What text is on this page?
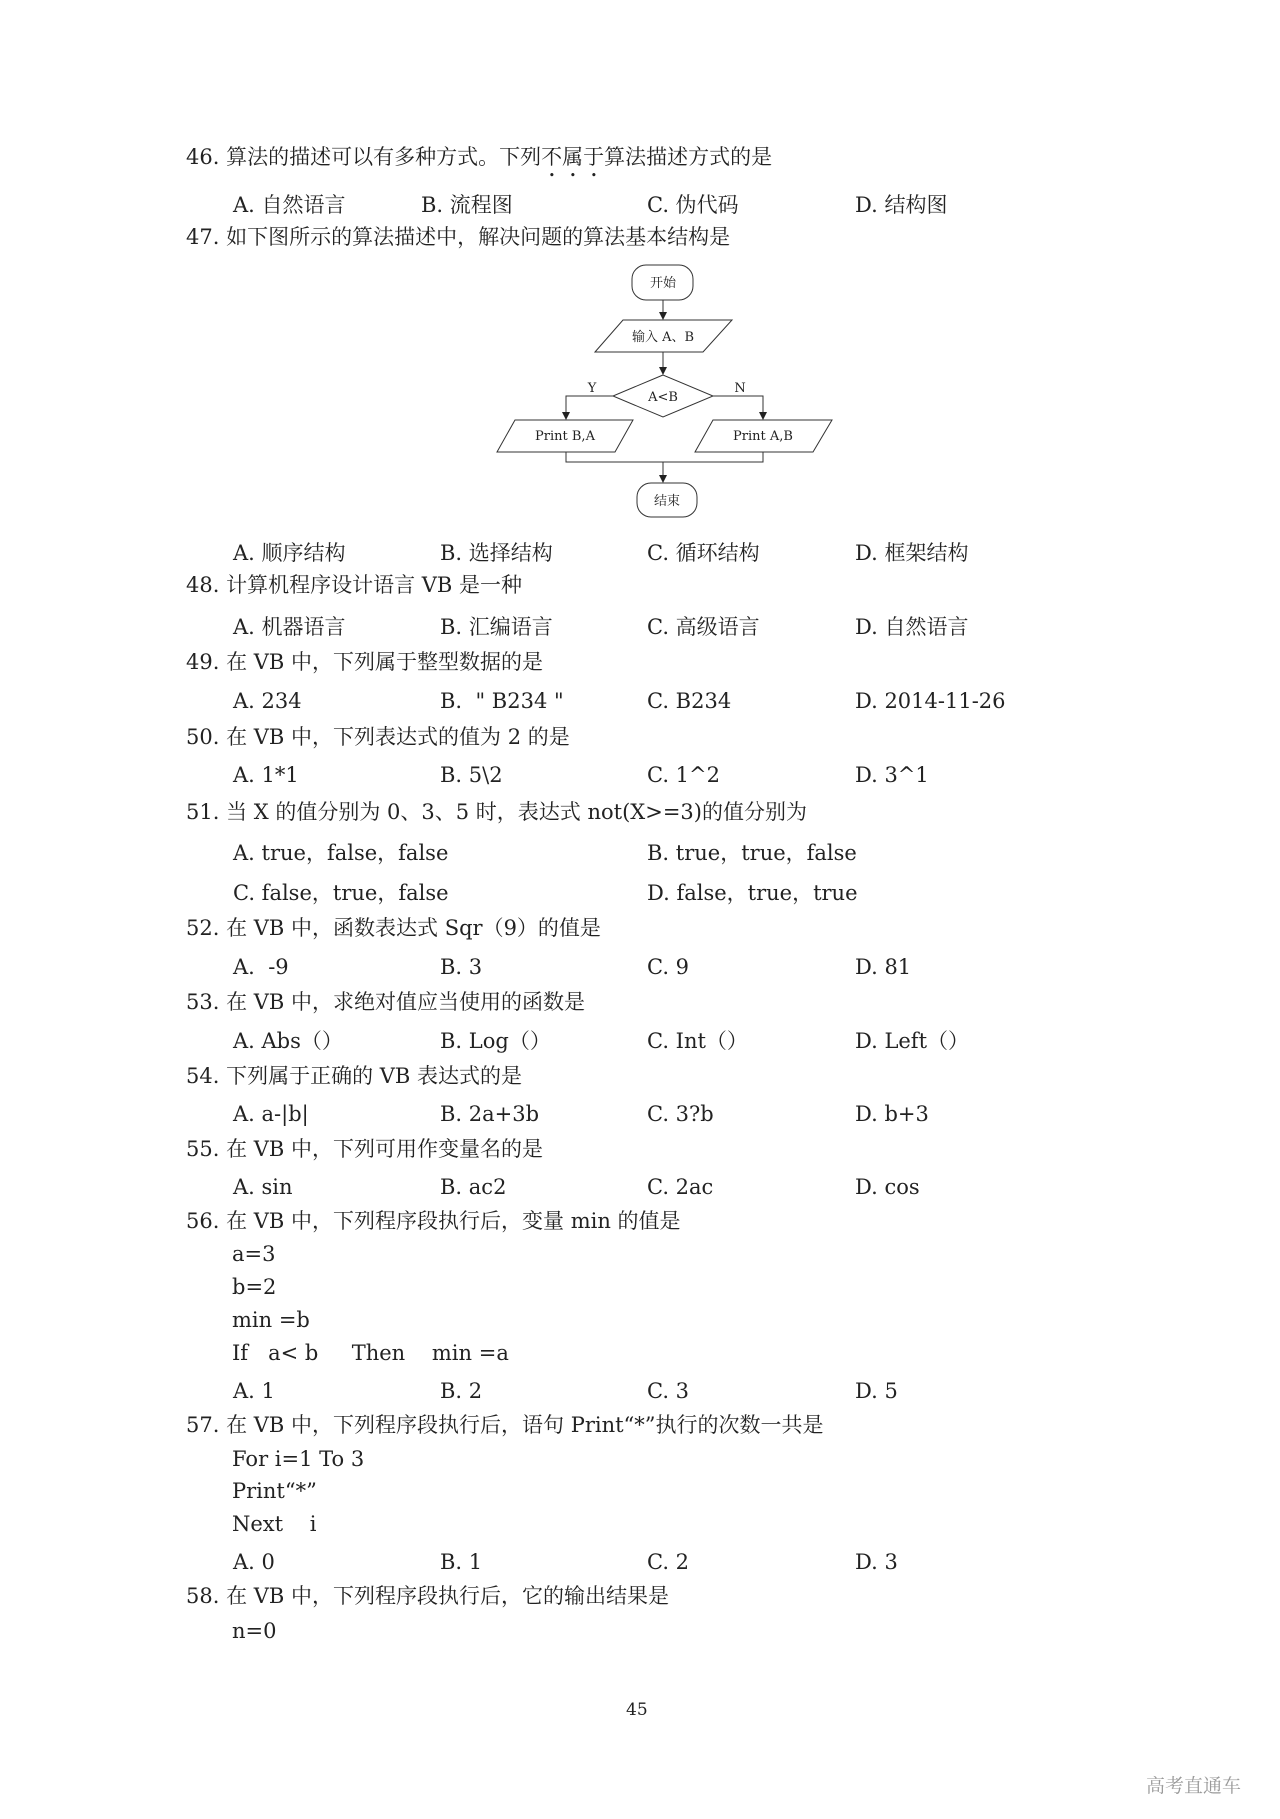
46. 算法的描述可以有多种方式。下列不属于算法描述方式的是
A. 自然语言	B. 流程图	C. 伪代码	D. 结构图
47. 如下图所示的算法描述中，解决问题的算法基本结构是
开始
输入 A、B
A<B
Y	N
Print B,A	Print A,B
结束
A. 顺序结构	B. 选择结构	C. 循环结构	D. 框架结构
48. 计算机程序设计语言 VB 是一种
A. 机器语言	B. 汇编语言	C. 高级语言	D. 自然语言
49. 在 VB 中，下列属于整型数据的是
A. 234	B.  " B234 "	C. B234	D. 2014-11-26
50. 在 VB 中，下列表达式的值为 2 的是
A. 1*1	B. 5\2	C. 1^2	D. 3^1
51. 当 X 的值分别为 0、3、5 时，表达式 not(X>=3)的值分别为
A. true，false，false	B. true，true，false
C. false，true，false	D. false，true，true
52. 在 VB 中，函数表达式 Sqr（9）的值是
A.  -9	B. 3	C. 9	D. 81
53. 在 VB 中，求绝对值应当使用的函数是
A. Abs（）	B. Log（）	C. Int（）	D. Left（）
54. 下列属于正确的 VB 表达式的是
A. a-|b|	B. 2a+3b	C. 3?b	D. b+3
55. 在 VB 中，下列可用作变量名的是
A. sin	B. ac2	C. 2ac	D. cos
56. 在 VB 中，下列程序段执行后，变量 min 的值是
a=3
b=2
min =b
If   a< b     Then    min =a
A. 1	B. 2	C. 3	D. 5
57. 在 VB 中，下列程序段执行后，语句 Print“*”执行的次数一共是
For i=1 To 3
Print“*”
Next    i
A. 0	B. 1	C. 2	D. 3
58. 在 VB 中，下列程序段执行后，它的输出结果是
n=0
45
高考直通车
